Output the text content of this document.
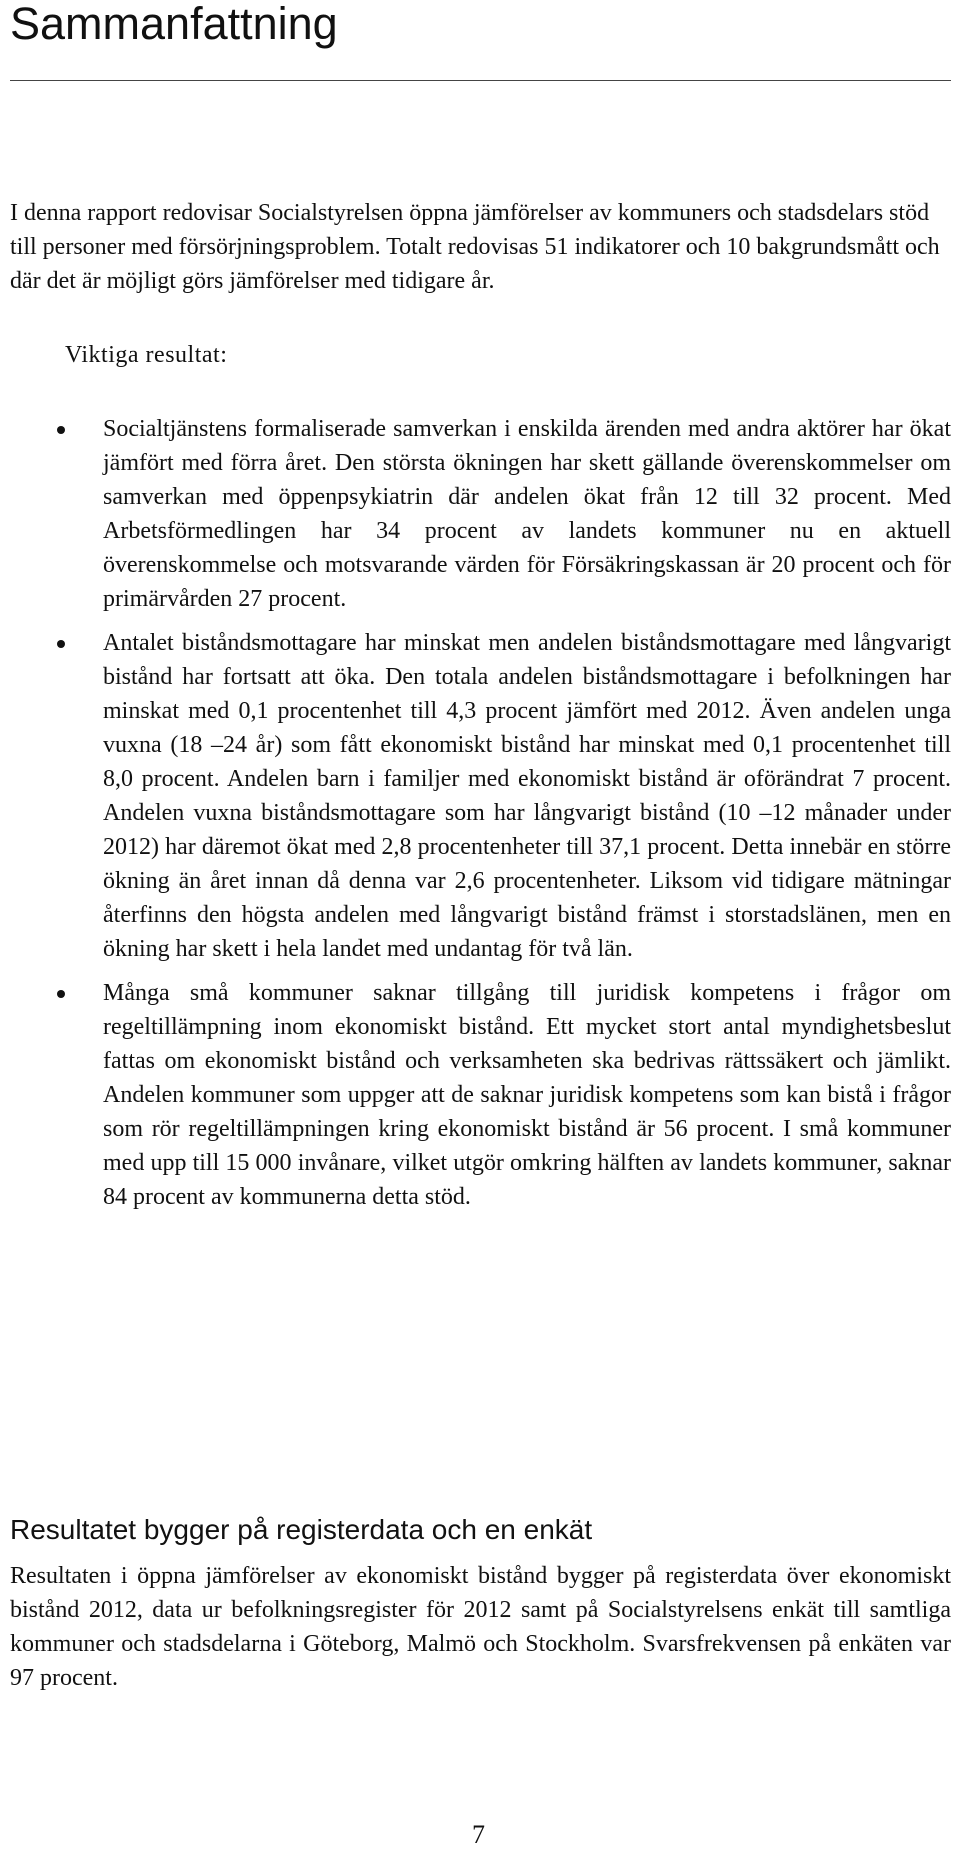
Sammanfattning

I denna rapport redovisar Socialstyrelsen öppna jämförelser av kommuners och stadsdelars stöd till personer med försörjningsproblem. Totalt redovisas 51 indikatorer och 10 bakgrundsmått och där det är möjligt görs jämförelser med tidigare år.

Viktiga resultat:

Socialtjänstens formaliserade samverkan i enskilda ärenden med andra aktörer har ökat jämfört med förra året. Den största ökningen har skett gällande överenskommelser om samverkan med öppenpsykiatrin där andelen ökat från 12 till 32 procent. Med Arbetsförmedlingen har 34 procent av landets kommuner nu en aktuell överenskommelse och motsvarande värden för Försäkringskassan är 20 procent och för primärvården 27 procent.
Antalet biståndsmottagare har minskat men andelen biståndsmottagare med långvarigt bistånd har fortsatt att öka. Den totala andelen biståndsmottagare i befolkningen har minskat med 0,1 procentenhet till 4,3 procent jämfört med 2012. Även andelen unga vuxna (18 –24 år) som fått ekonomiskt bistånd har minskat med 0,1 procentenhet till 8,0 procent. Andelen barn i familjer med ekonomiskt bistånd är oförändrat 7 procent. Andelen vuxna biståndsmottagare som har långvarigt bistånd (10 –12 månader under 2012) har däremot ökat med 2,8 procentenheter till 37,1 procent. Detta innebär en större ökning än året innan då denna var 2,6 procentenheter. Liksom vid tidigare mätningar återfinns den högsta andelen med långvarigt bistånd främst i storstadslänen, men en ökning har skett i hela landet med undantag för två län.
Många små kommuner saknar tillgång till juridisk kompetens i frågor om regeltillämpning inom ekonomiskt bistånd. Ett mycket stort antal myndighetsbeslut fattas om ekonomiskt bistånd och verksamheten ska bedrivas rättssäkert och jämlikt. Andelen kommuner som uppger att de saknar juridisk kompetens som kan bistå i frågor som rör regeltillämpningen kring ekonomiskt bistånd är 56 procent. I små kommuner med upp till 15 000 invånare, vilket utgör omkring hälften av landets kommuner, saknar 84 procent av kommunerna detta stöd.
Resultatet bygger på registerdata och en enkät

Resultaten i öppna jämförelser av ekonomiskt bistånd bygger på registerdata över ekonomiskt bistånd 2012, data ur befolkningsregister för 2012 samt på Socialstyrelsens enkät till samtliga kommuner och stadsdelarna i Göteborg, Malmö och Stockholm. Svarsfrekvensen på enkäten var 97 procent.

7
